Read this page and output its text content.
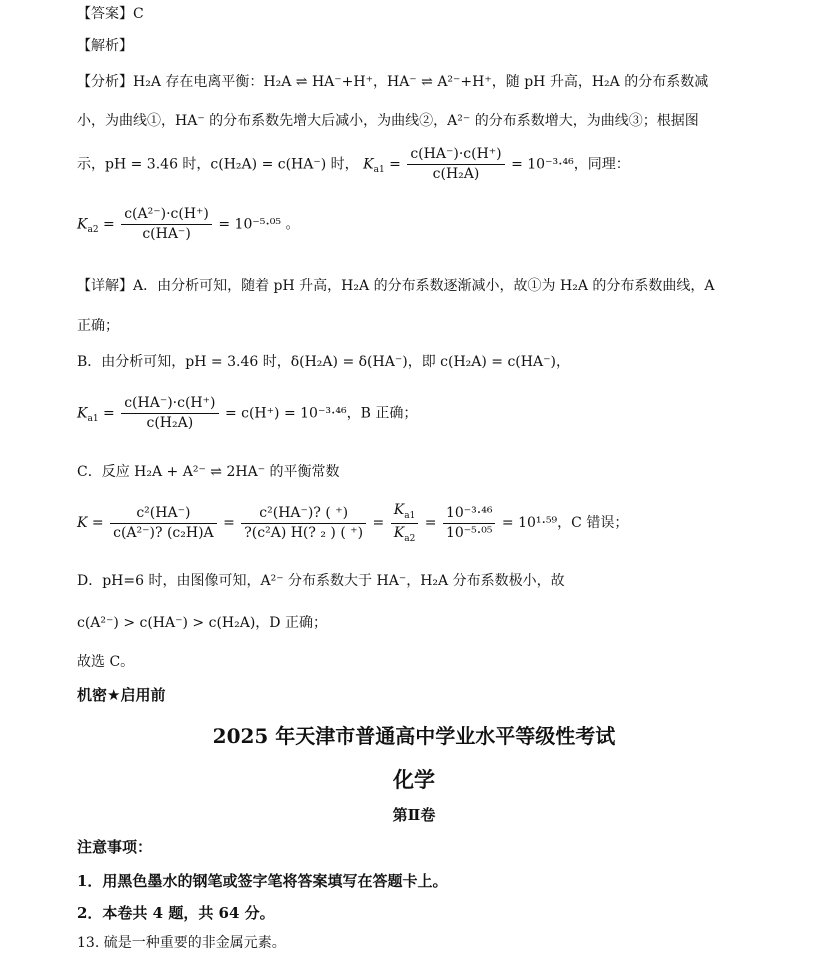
【答案】C
【解析】
【分析】H₂A 存在电离平衡：H₂A ⇌ HA⁻+H⁺，HA⁻ ⇌ A²⁻+H⁺，随 pH 升高，H₂A 的分布系数减
小，为曲线①，HA⁻ 的分布系数先增大后减小，为曲线②，A²⁻ 的分布系数增大，为曲线③；根据图
示，pH = 3.46 时，c(H₂A) = c(HA⁻) 时， $K_{a1} = \frac{c(HA^-)\cdot c(H^+)}{\text{c(H₂A)}} = 10^{-3}\cdot^{46}$，同理：
$K_{a2} = \frac{\text{c(A²⁻)·c(H⁺)}}{c(HA^-)} = 10^{-5}\cdot^{05}$ 。
【详解】A．由分析可知，随着 pH 升高，H₂A 的分布系数逐渐减小，故①为 H₂A 的分布系数曲线，A
正确；
B．由分析可知，pH = 3.46 时，δ(H₂A) = δ(HA⁻)，即 c(H₂A) = c(HA⁻)，
$K_{a1} = \frac{c(HA^-)\cdot c(H^+)}{\text{c(H₂A)}} = c(H^+) = 10^{-3}\cdot^{46}$，B 正确；
C．反应 H₂A + A²⁻ ⇌ 2HA⁻ 的平衡常数
$K = \frac{\text{c²(HA⁻)}}{\text{c(A²⁻)? (c₂H)A}} = \frac{\text{c²(HA⁻)? ( ⁺)}}{\text{?(c²A) H(? ₂ ) ( ⁺)}} = \frac{K_{a1}}{K_{a2}} = \frac{\text{10⁻³·⁴⁶}}{\text{10⁻⁵·⁰⁵}} = 10^1\cdot^{59}$，C 错误；
D．pH=6 时，由图像可知，A²⁻ 分布系数大于 HA⁻，H₂A 分布系数极小，故
c(A²⁻) > c(HA⁻) > c(H₂A)，D 正确；
故选 C。
机密★启用前
2025 年天津市普通高中学业水平等级性考试
化学
第Ⅱ卷
注意事项：
1．用黑色墨水的钢笔或签字笔将答案填写在答题卡上。
2．本卷共 4 题，共 64 分。
13. 硫是一种重要的非金属元素。
